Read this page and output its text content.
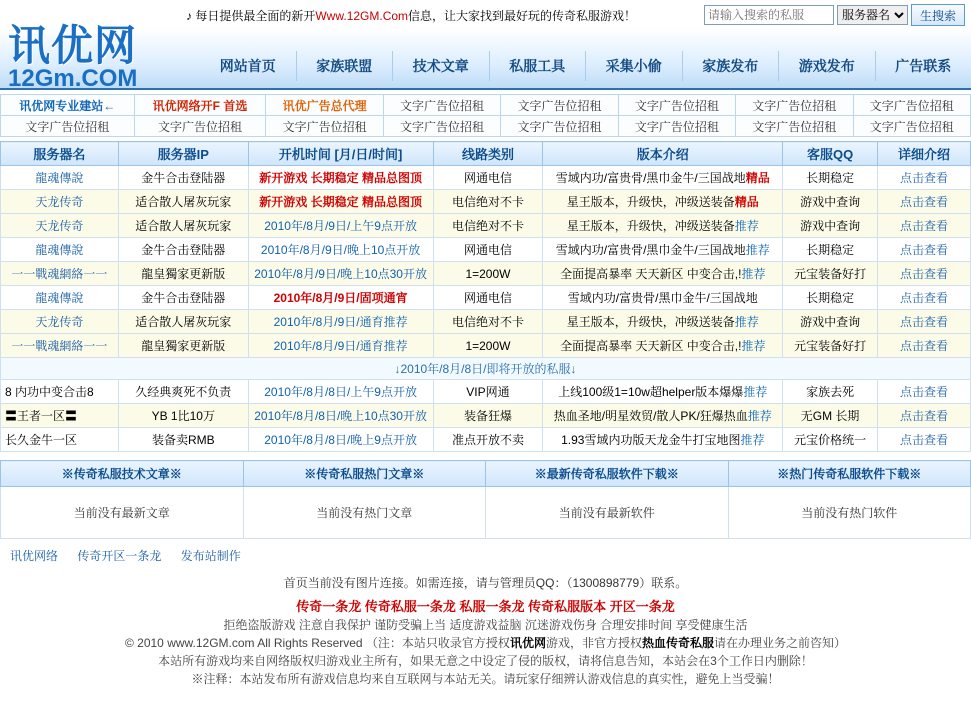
♪ 每日提供最全面的新开Www.12GM.Com信息，让大家找到最好玩的传奇私服游戏！
请输入搜索的私服
服务器名	生搜索
讯优网
12Gm.COM	网站首页	家族联盟	技术文章	私服工具	采集小偷	家族发布	游戏发布	广告联系
讯优网专业建站←	讯优网络开F 首选	讯优广告总代理	文字广告位招租	文字广告位招租	文字广告位招租	文字广告位招租	文字广告位招租
文字广告位招租	文字广告位招租	文字广告位招租	文字广告位招租	文字广告位招租	文字广告位招租	文字广告位招租	文字广告位招租
服务器名	服务器IP	开机时间 [月/日/时间]	线路类别	版本介绍	客服QQ	详细介绍
龍魂傳說	金牛合击登陆器	新开游戏 长期稳定 精品总图顶	网通电信	雪域内功/富贵骨/黑巾金牛/三国战地精品	长期稳定	点击查看
天龙传奇	适合散人屠灰玩家	新开游戏 长期稳定 精品总图顶	电信绝对不卡	星王版本，升级快，冲级送装备精品	游戏中查询	点击查看
天龙传奇	适合散人屠灰玩家	2010年/8月/9日/上午9点开放	电信绝对不卡	星王版本，升级快，冲级送装备推荐	游戏中查询	点击查看
龍魂傳說	金牛合击登陆器	2010年/8月/9日/晚上10点开放	网通电信	雪域内功/富贵骨/黑巾金牛/三国战地推荐	长期稳定	点击查看
一一戰魂網絡一一	龍皇獨家更新版	2010年/8月/9日/晚上10点30开放	1=200W	全面提高暴率 天天新区 中变合击,!推荐	元宝装备好打	点击查看
龍魂傳說	金牛合击登陆器	2010年/8月/9日/固项通宵	网通电信	雪域内功/富贵骨/黑巾金牛/三国战地	长期稳定	点击查看
天龙传奇	适合散人屠灰玩家	2010年/8月/9日/通育推荐	电信绝对不卡	星王版本，升级快，冲级送装备推荐	游戏中查询	点击查看
一一戰魂網絡一一	龍皇獨家更新版	2010年/8月/9日/通育推荐	1=200W	全面提高暴率 天天新区 中变合击,!推荐	元宝装备好打	点击查看
↓2010年/8月/8日/即将开放的私服↓						
8 内功中变合击8	久经典爽死不负责	2010年/8月/8日/上午9点开放	VIP网通	上线100级1=10w超helper版本爆爆推荐	家族去死	点击查看
〓王者一区〓	YB 1比10万	2010年/8月/8日/晚上10点30开放	装备狂爆	热血圣地/明星效贸/散人PK/狂爆热血推荐	无GM 长期	点击查看
长久金牛一区	装备卖RMB	2010年/8月/8日/晚上9点开放	准点开放不卖	1.93雪域内功版天龙金牛打宝地图推荐	元宝价格统一	点击查看
※传奇私服技术文章※	※传奇私服热门文章※	※最新传奇私服软件下载※	※热门传奇私服软件下载※
当前没有最新文章	当前没有热门文章	当前没有最新软件	当前没有热门软件
讯优网络 传奇开区一条龙 发布站制作
首页当前没有图片连接。如需连接，请与管理员QQ：（1300898779）联系。
传奇一条龙 传奇私服一条龙 私服一条龙 传奇私服版本 开区一条龙
拒绝盗版游戏 注意自我保护 谨防受骗上当 适度游戏益脑 沉迷游戏伤身 合理安排时间 享受健康生活
© 2010 www.12GM.com All Rights Reserved （注：本站只收录官方授权讯优网游戏，非官方授权热血传奇私服请在办理业务之前咨知）
本站所有游戏均来自网络版权归游戏业主所有，如果无意之中设定了侵的版权，请将信息告知，本站会在3个工作日内删除！
※注释：本站发布所有游戏信息均来自互联网与本站无关。请玩家仔细辨认游戏信息的真实性，避免上当受骗！
